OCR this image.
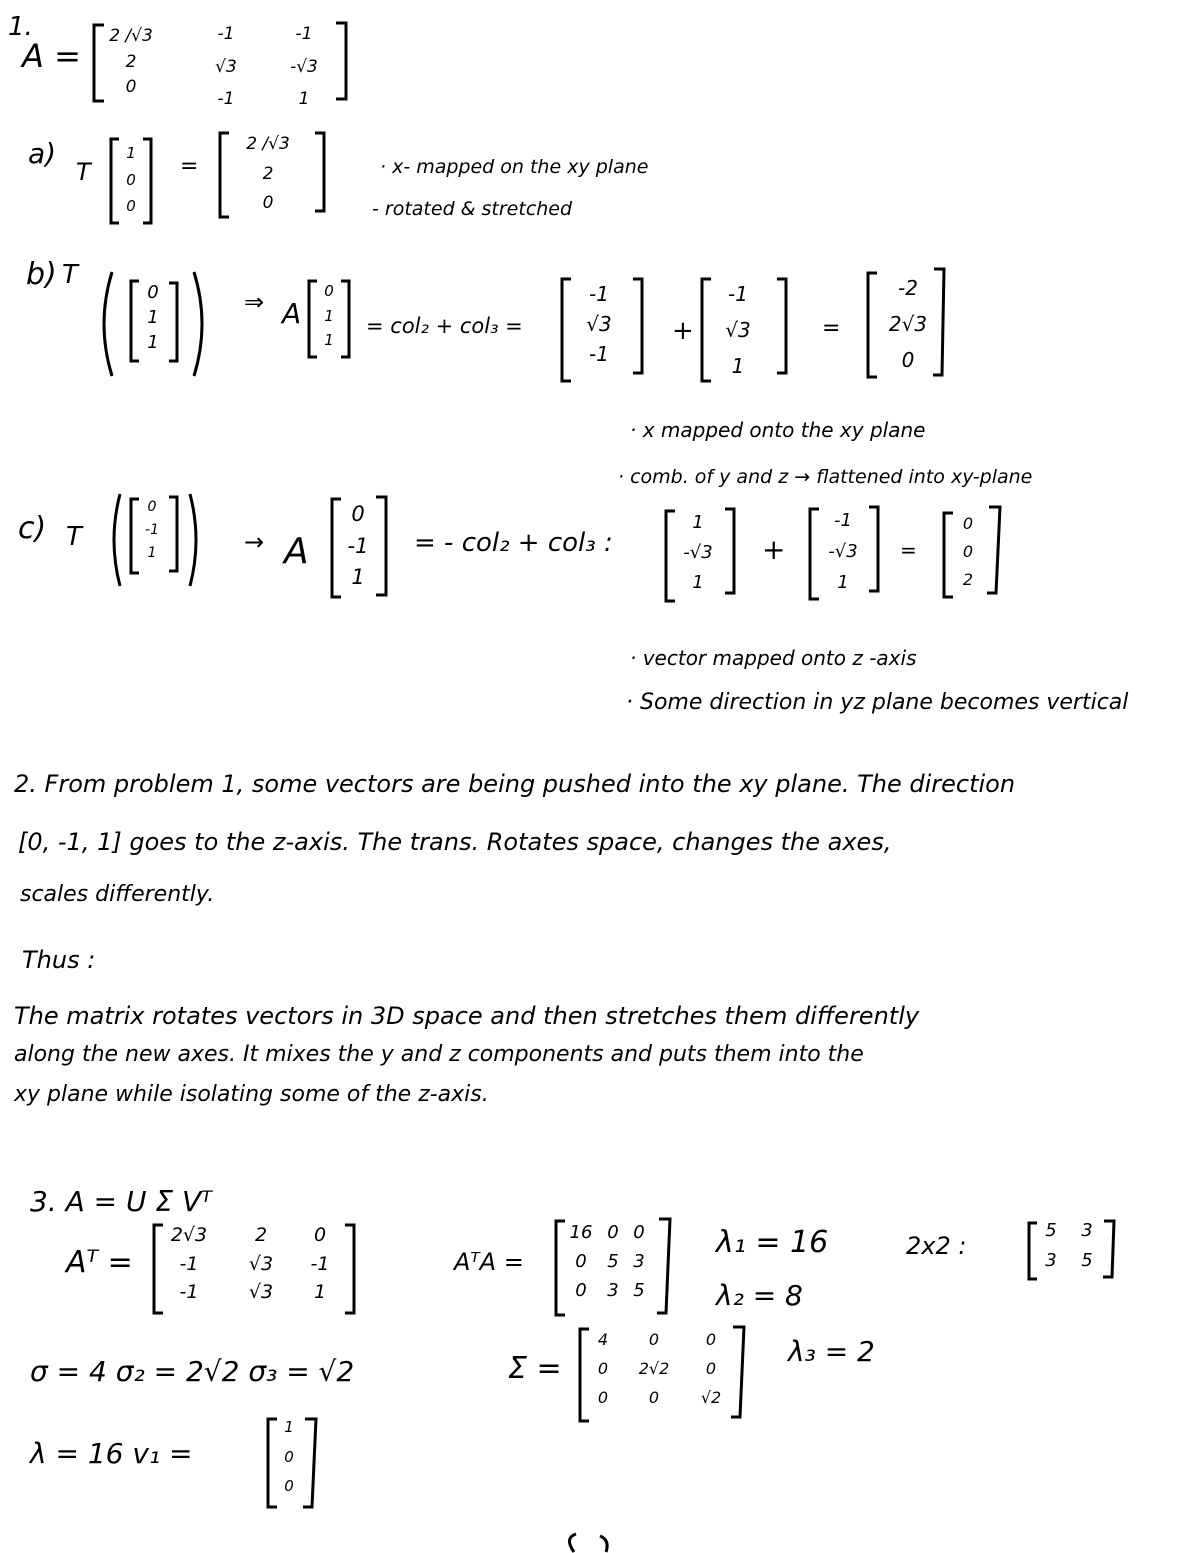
1.
A =
2 /√3
2
0
-1
√3
-1
-1
-√3
1
a)
T
1
0
0
=
2 /√3
2
0
· x- mapped on the xy plane
- rotated & stretched
b) T
0
1
1
⇒ A
0
1
1
= col₂ + col₃ =
-1
√3
-1
+
-1
√3
1
=
-2
2√3
0
· x mapped onto the xy plane
· comb. of y and z → flattened into xy-plane
c) T
0
-1
1	→ A
0
-1
1
= - col₂ + col₃ :
1
-√3
1
+
-1
-√3
1
=
0
0
2
· vector mapped onto z -axis
· Some direction in yz plane becomes vertical
2. From problem 1, some vectors are being pushed into the xy plane. The direction
[0, -1, 1] goes to the z-axis. The trans. Rotates space, changes the axes,
scales differently.
Thus :
The matrix rotates vectors in 3D space and then stretches them differently
along the new axes. It mixes the y and z components and puts them into the
xy plane while isolating some of the z-axis.
3. A = U Σ Vᵀ
Aᵀ =
2√3
-1
-1
2
√3
√3
0
-1
1
AᵀA =
16
0
0
0
5
3
0
3
5
λ₁ = 16
λ₂ = 8
λ₃ = 2
2x2 :
5
3
3
5
σ = 4 σ₂ = 2√2 σ₃ = √2	Σ =
4
0
0
0
2√2
0
0
0
√2
λ = 16 v₁ =
1
0
0
